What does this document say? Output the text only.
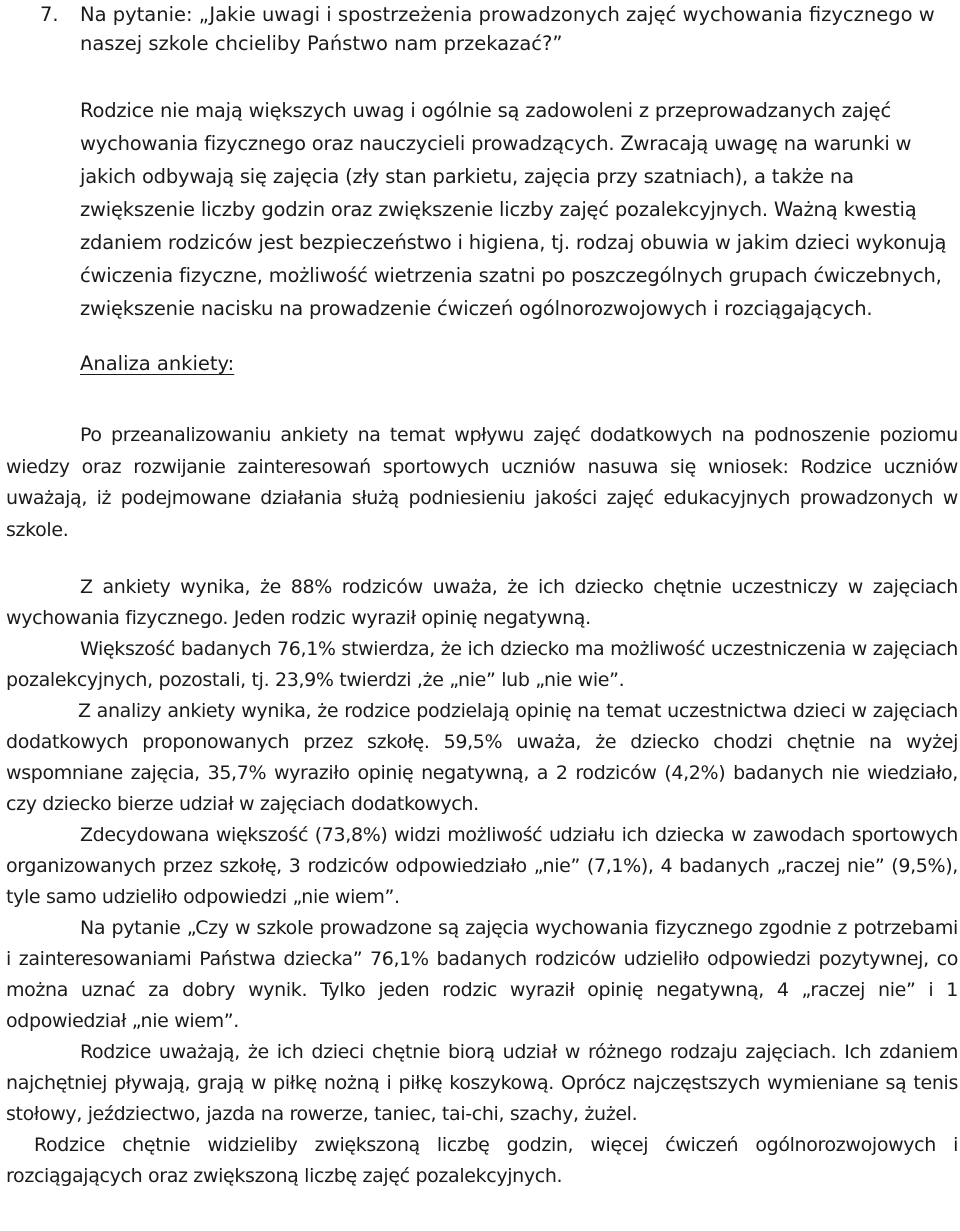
7. Na pytanie: „Jakie uwagi i spostrzeżenia prowadzonych zajęć wychowania fizycznego w naszej szkole chcieliby Państwo nam przekazać?”
Rodzice nie mają większych uwag i ogólnie są zadowoleni z przeprowadzanych zajęć wychowania fizycznego oraz nauczycieli prowadzących. Zwracają uwagę na warunki w jakich odbywają się zajęcia (zły stan parkietu, zajęcia przy szatniach), a także na zwiększenie liczby godzin oraz zwiększenie liczby zajęć pozalekcyjnych. Ważną kwestią zdaniem rodziców jest bezpieczeństwo i higiena, tj. rodzaj obuwia w jakim dzieci wykonują ćwiczenia fizyczne, możliwość wietrzenia szatni po poszczególnych grupach ćwiczebnych, zwiększenie nacisku na prowadzenie ćwiczeń ogólnorozwojowych i rozciągających.
Analiza ankiety:

Po przeanalizowaniu ankiety na temat wpływu zajęć dodatkowych na podnoszenie poziomu wiedzy oraz rozwijanie zainteresowań sportowych uczniów nasuwa się wniosek: Rodzice uczniów uważają, iż podejmowane działania służą podniesieniu jakości zajęć edukacyjnych prowadzonych w szkole.

Z ankiety wynika, że 88% rodziców uważa, że ich dziecko chętnie uczestniczy w zajęciach wychowania fizycznego. Jeden rodzic wyraził opinię negatywną.

Większość badanych 76,1% stwierdza, że ich dziecko ma możliwość uczestniczenia w zajęciach pozalekcyjnych, pozostali, tj. 23,9% twierdzi ,że „nie” lub „nie wie”.

Z analizy ankiety wynika, że rodzice podzielają opinię na temat uczestnictwa dzieci w zajęciach dodatkowych proponowanych przez szkołę. 59,5% uważa, że dziecko chodzi chętnie na wyżej wspomniane zajęcia, 35,7% wyraziło opinię negatywną, a 2 rodziców (4,2%) badanych nie wiedziało, czy dziecko bierze udział w zajęciach dodatkowych.

Zdecydowana większość (73,8%) widzi możliwość udziału ich dziecka w zawodach sportowych organizowanych przez szkołę, 3 rodziców odpowiedziało „nie” (7,1%), 4 badanych „raczej nie” (9,5%), tyle samo udzieliło odpowiedzi „nie wiem”.

Na pytanie „Czy w szkole prowadzone są zajęcia wychowania fizycznego zgodnie z potrzebami i zainteresowaniami Państwa dziecka” 76,1% badanych rodziców udzieliło odpowiedzi pozytywnej, co można uznać za dobry wynik. Tylko jeden rodzic wyraził opinię negatywną, 4 „raczej nie” i 1 odpowiedział „nie wiem”.

Rodzice uważają, że ich dzieci chętnie biorą udział w różnego rodzaju zajęciach. Ich zdaniem najchętniej pływają, grają w piłkę nożną i piłkę koszykową. Oprócz najczęstszych wymieniane są tenis stołowy, jeździectwo, jazda na rowerze, taniec, tai-chi, szachy, żużel.

Rodzice chętnie widzieliby zwiększoną liczbę godzin, więcej ćwiczeń ogólnorozwojowych i rozciągających oraz zwiększoną liczbę zajęć pozalekcyjnych.
